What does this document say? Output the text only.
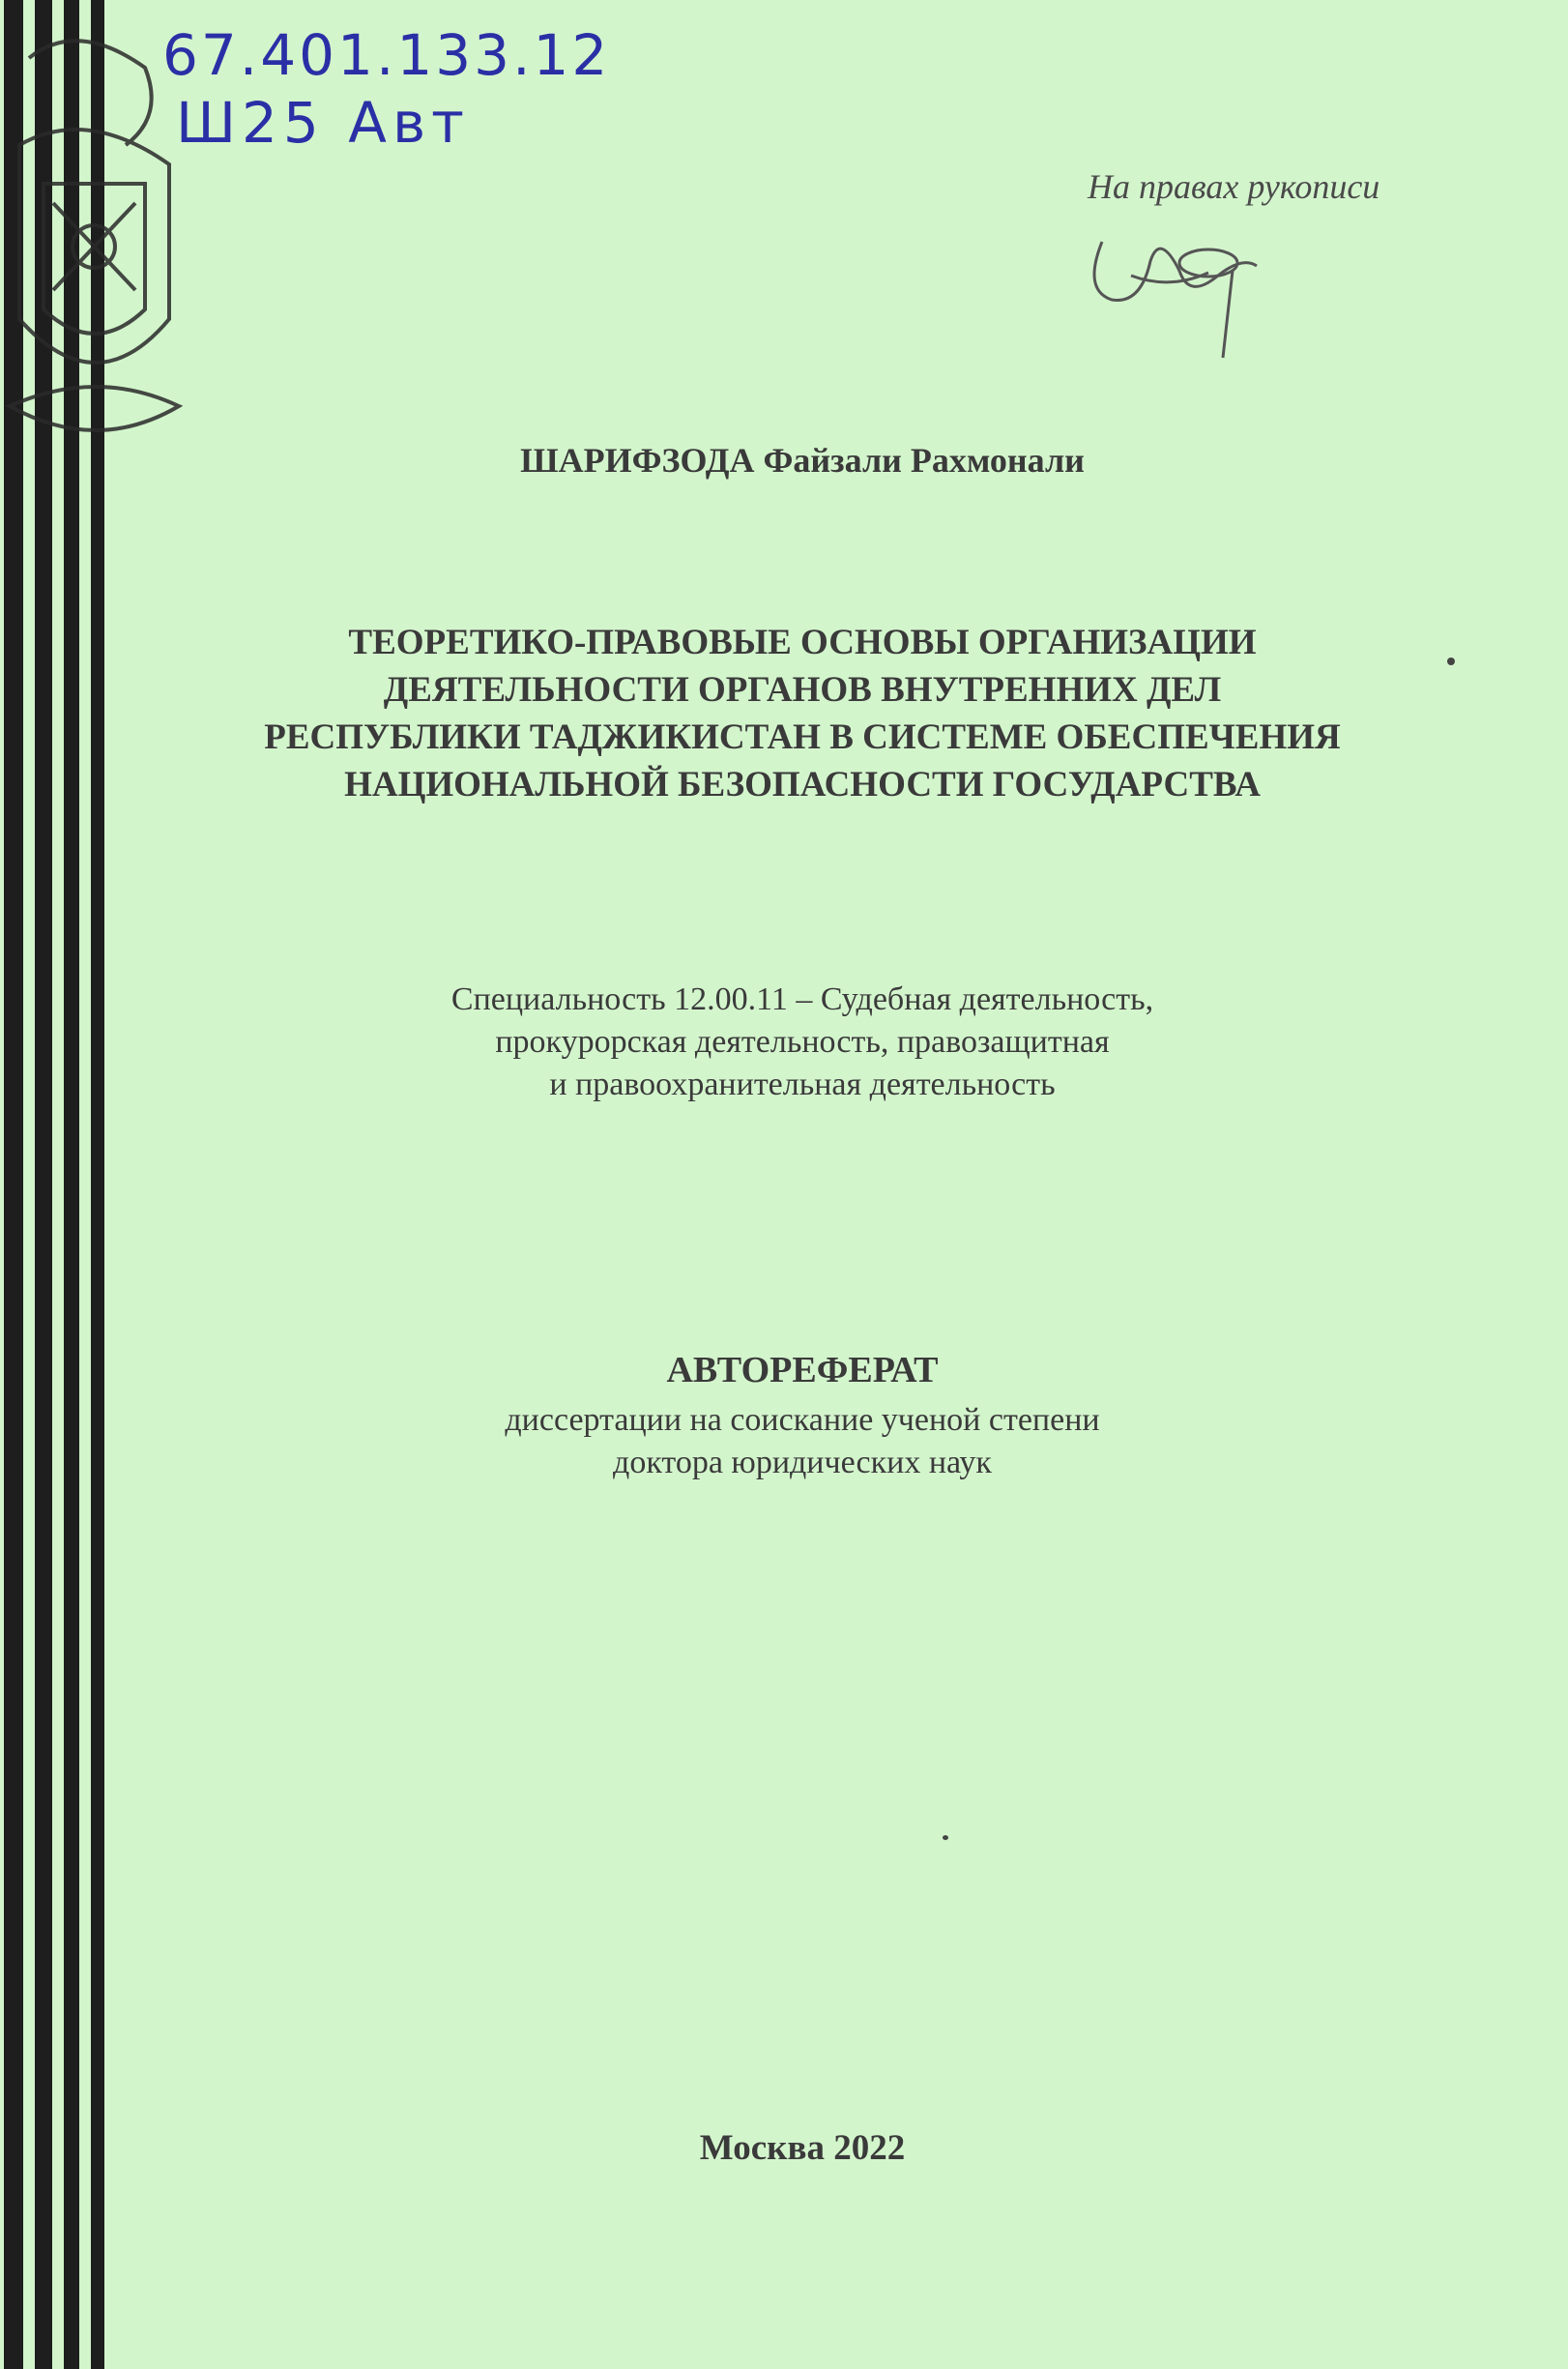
67.401.133.12
Ш25 Авт
На правах рукописи
ШАРИФЗОДА Файзали Рахмонали
ТЕОРЕТИКО-ПРАВОВЫЕ ОСНОВЫ ОРГАНИЗАЦИИ
ДЕЯТЕЛЬНОСТИ ОРГАНОВ ВНУТРЕННИХ ДЕЛ
РЕСПУБЛИКИ ТАДЖИКИСТАН В СИСТЕМЕ ОБЕСПЕЧЕНИЯ
НАЦИОНАЛЬНОЙ БЕЗОПАСНОСТИ ГОСУДАРСТВА
Специальность 12.00.11 – Судебная деятельность,
прокурорская деятельность, правозащитная
и правоохранительная деятельность
АВТОРЕФЕРАТ
диссертации на соискание ученой степени
доктора юридических наук
Москва 2022
